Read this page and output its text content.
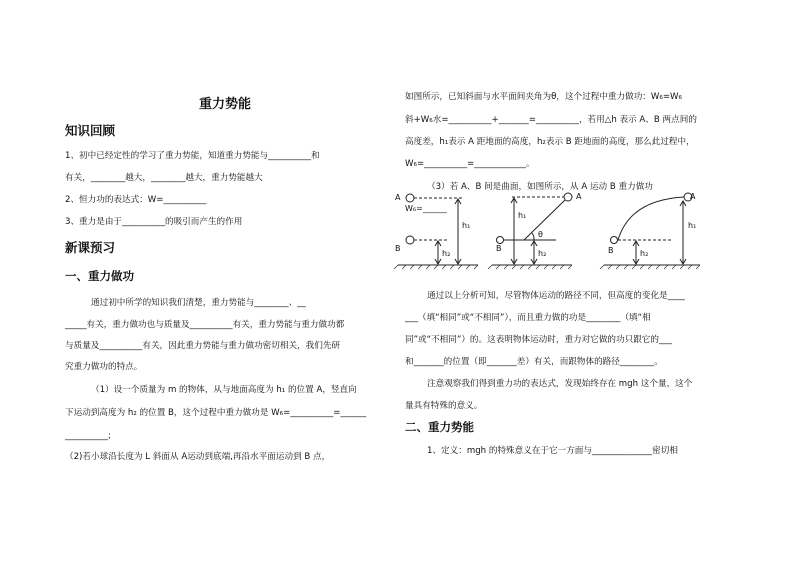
重力势能
知识回顾
1、初中已经定性的学习了重力势能，知道重力势能与__________和
有关，________越大，________越大，重力势能越大
2、恒力功的表达式：W=__________
3、重力是由于__________的吸引而产生的作用
新课预习
一、重力做功
通过初中所学的知识我们清楚，重力势能与________、__
_____有关，重力做功也与质量及__________有关，重力势能与重力做功都
与质量及__________有关，因此重力势能与重力做功密切相关，我们先研
究重力做功的特点。
（1）设一个质量为 m 的物体，从与地面高度为 h₁ 的位置 A，竖直向
下运动到高度为 h₂ 的位置 B，这个过程中重力做功是 W₆=__________=______
__________;
（2)若小球沿长度为 L 斜面从 A运动到底端,再沿水平面运动到 B 点，
如图所示，已知斜面与水平面间夹角为θ，这个过程中重力做功：W₆=W₆
斜+W₆水=__________+_______=__________，若用△h 表示 A、B 两点间的
高度差，h₁表示 A 距地面的高度，h₂表示 B 距地面的高度，那么此过程中，
W₆=__________=____________。
（3）若 A、B 间是曲面，如图所示，从 A 运动 B 重力做功
A
B
h₁
h₂
A
B
h₁
h₂
θ
A
B
h₁
h₂
W₆=______
通过以上分析可知，尽管物体运动的路径不同，但高度的变化是____
___（填“相同”或“不相同”），而且重力做的功是________（填“相
同”或“不相同”）的。这表明物体运动时，重力对它做的功只跟它的___
和_______的位置（即_______差）有关，而跟物体的路径________。
注意观察我们得到重力功的表达式，发现始终存在 mgh 这个量，这个
量具有特殊的意义。
二、重力势能
1、定义：mgh 的特殊意义在于它一方面与______________密切相
